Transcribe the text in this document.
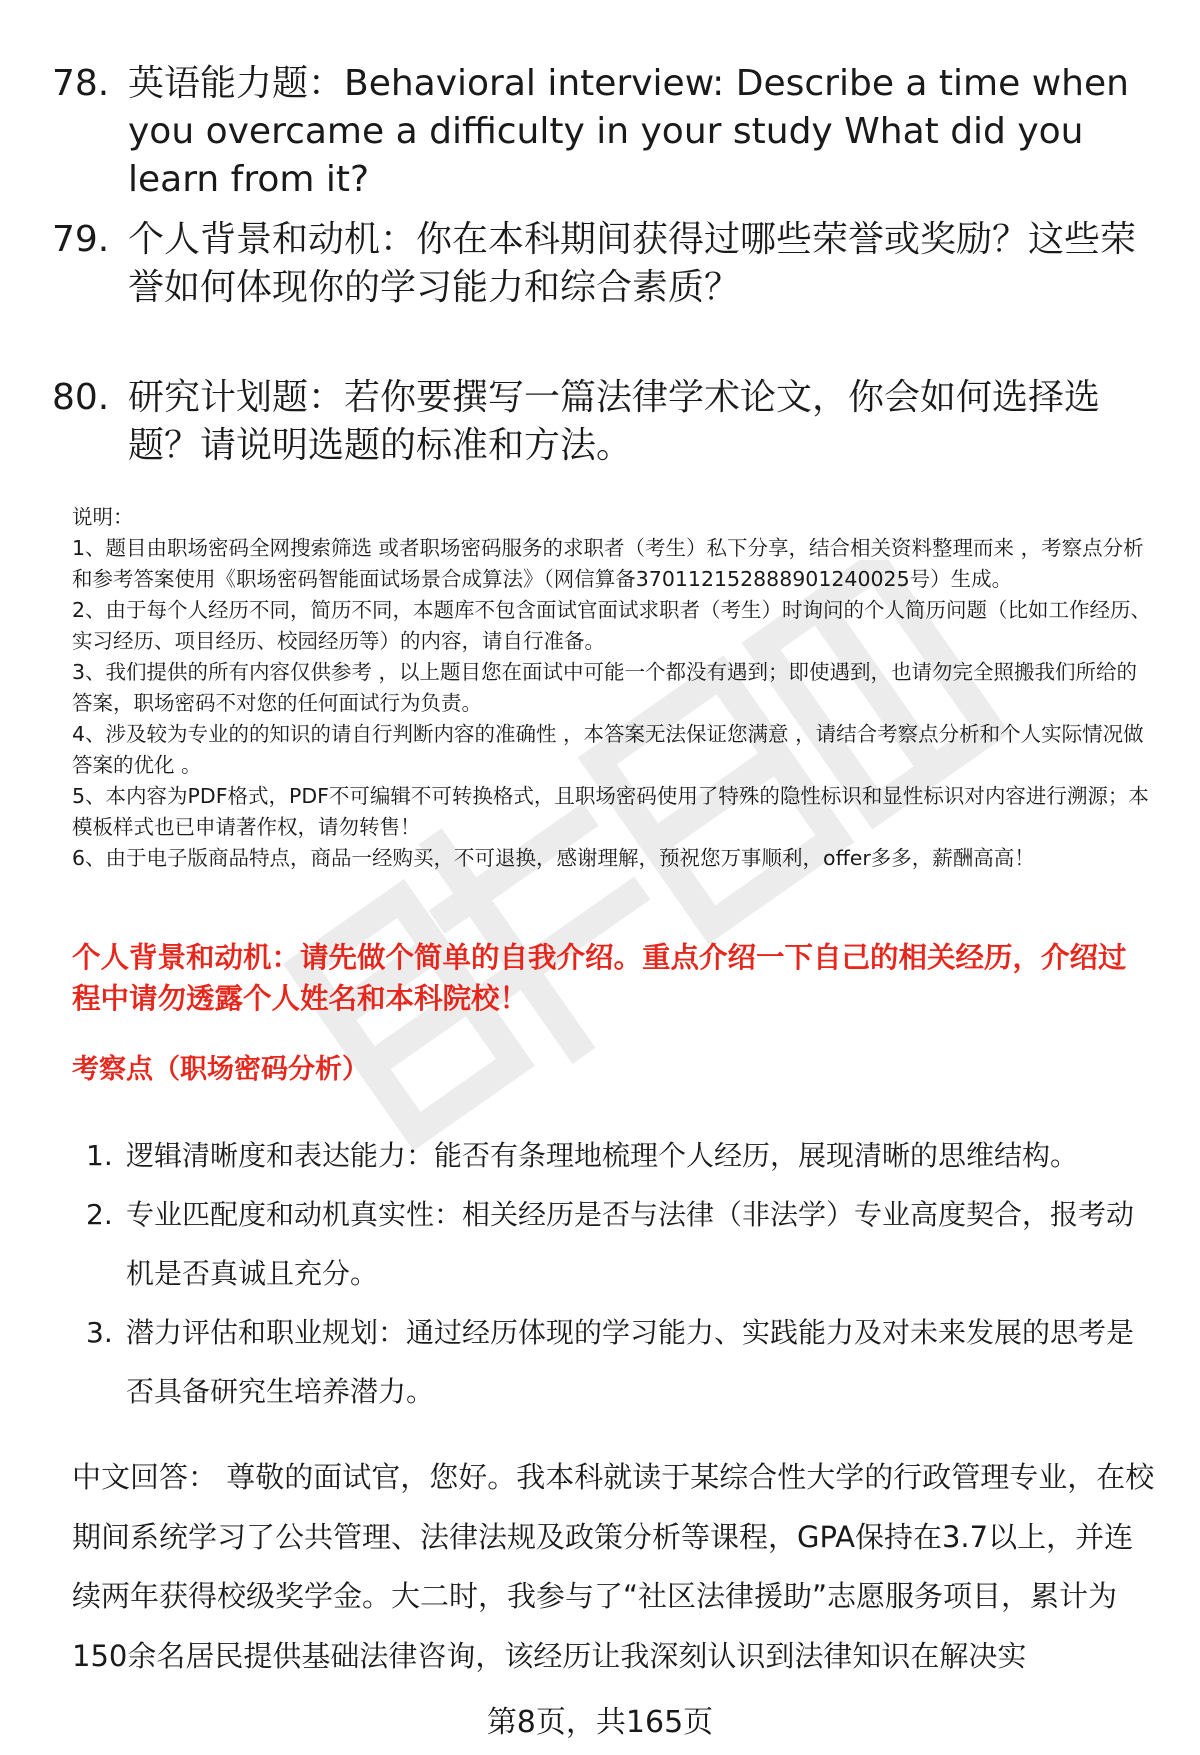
78. 英语能力题：Behavioral interview: Describe a time when you overcame a difficulty in your study What did you learn from it?
79. 个人背景和动机：你在本科期间获得过哪些荣誉或奖励？这些荣誉如何体现你的学习能力和综合素质？
80. 研究计划题：若你要撰写一篇法律学术论文，你会如何选择选题？请说明选题的标准和方法。

说明：

1、题目由职场密码全网搜索筛选 或者职场密码服务的求职者（考生）私下分享，结合相关资料整理而来 ，考察点分析和参考答案使用《职场密码智能面试场景合成算法》（网信算备370112152888901240025号）生成。

2、由于每个人经历不同，简历不同，本题库不包含面试官面试求职者（考生）时询问的个人简历问题（比如工作经历、实习经历、项目经历、校园经历等）的内容，请自行准备。

3、我们提供的所有内容仅供参考 ，以上题目您在面试中可能一个都没有遇到；即使遇到，也请勿完全照搬我们所给的答案，职场密码不对您的任何面试行为负责。

4、涉及较为专业的的知识的请自行判断内容的准确性 ，本答案无法保证您满意 ，请结合考察点分析和个人实际情况做答案的优化 。

5、本内容为PDF格式，PDF不可编辑不可转换格式，且职场密码使用了特殊的隐性标识和显性标识对内容进行溯源；本模板样式也已申请著作权，请勿转售！

6、由于电子版商品特点，商品一经购买，不可退换，感谢理解，预祝您万事顺利，offer多多，薪酬高高！

个人背景和动机：请先做个简单的自我介绍。重点介绍一下自己的相关经历，介绍过程中请勿透露个人姓名和本科院校！
考察点（职场密码分析）
1. 逻辑清晰度和表达能力：能否有条理地梳理个人经历，展现清晰的思维结构。
2. 专业匹配度和动机真实性：相关经历是否与法律（非法学）专业高度契合，报考动机是否真诚且充分。
3. 潜力评估和职业规划：通过经历体现的学习能力、实践能力及对未来发展的思考是否具备研究生培养潜力。
中文回答： 尊敬的面试官，您好。我本科就读于某综合性大学的行政管理专业，在校期间系统学习了公共管理、法律法规及政策分析等课程，GPA保持在3.7以上，并连续两年获得校级奖学金。大二时，我参与了“社区法律援助”志愿服务项目，累计为150余名居民提供基础法律咨询，该经历让我深刻认识到法律知识在解决实
第8页，共165页
